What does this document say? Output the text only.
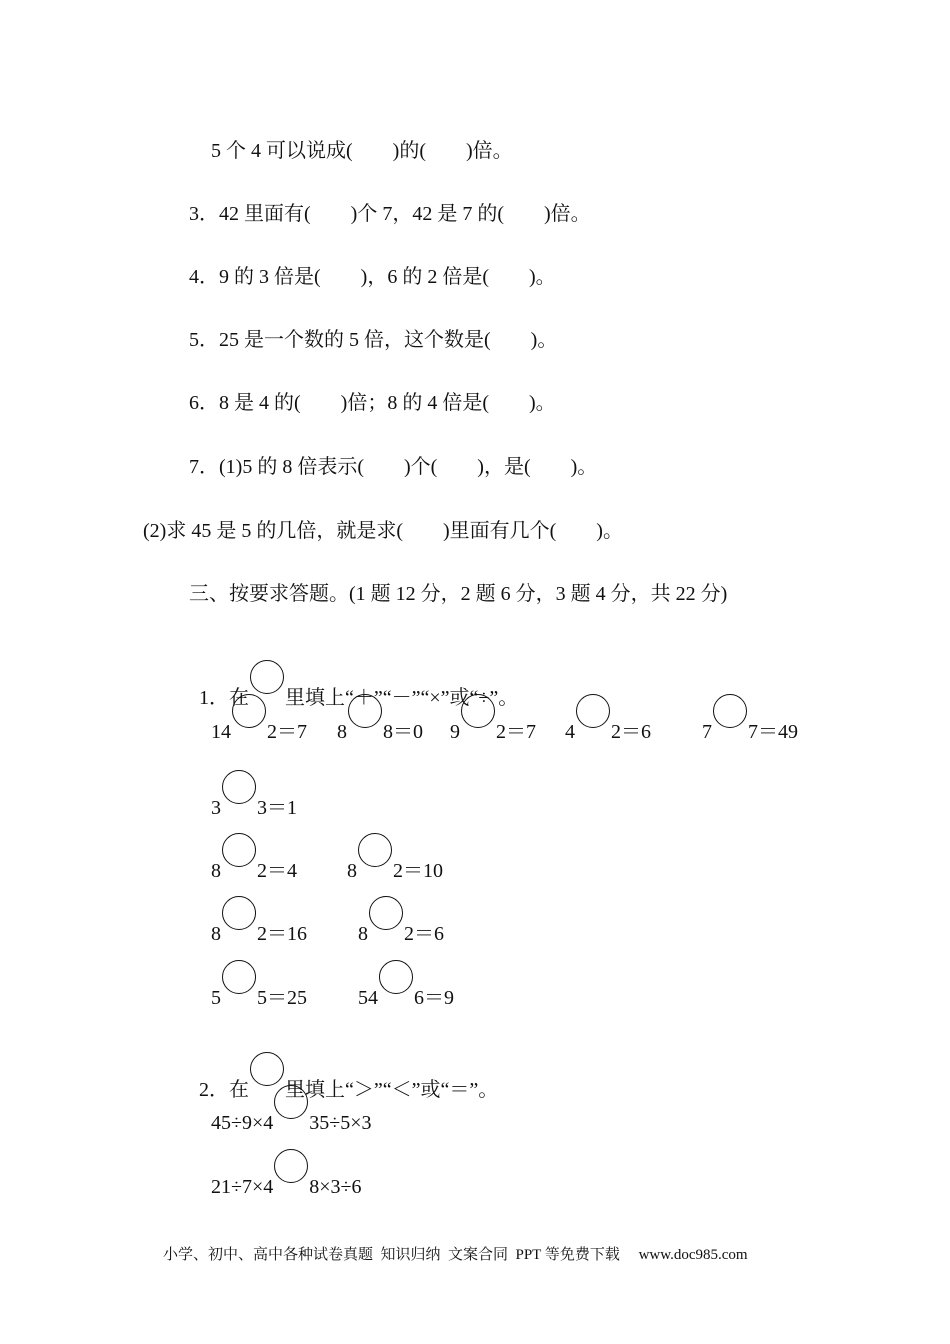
5 个 4 可以说成(　　)的(　　)倍。
3．42 里面有(　　)个 7，42 是 7 的(　　)倍。
4．9 的 3 倍是(　　)，6 的 2 倍是(　　)。
5．25 是一个数的 5 倍，这个数是(　　)。
6．8 是 4 的(　　)倍；8 的 4 倍是(　　)。
7．(1)5 的 8 倍表示(　　)个(　　)，是(　　)。
(2)求 45 是 5 的几倍，就是求(　　)里面有几个(　　)。
三、按要求答题。(1 题 12 分，2 题 6 分，3 题 4 分，共 22 分)

1．在 里填上“＋”“－”“×”或“÷”。

14 2＝7 8 8＝0 9 2＝7 4 2＝6	7 7＝49
3 3＝1
8 2＝4	8 2＝10
8 2＝16	8 2＝6
5 5＝25	54 6＝9

2．在 里填上“＞”“＜”或“＝”。

45÷9×4 35÷5×3
21÷7×4 8×3÷6
小学、初中、高中各种试卷真题  知识归纳  文案合同  PPT 等免费下载     www.doc985.com
